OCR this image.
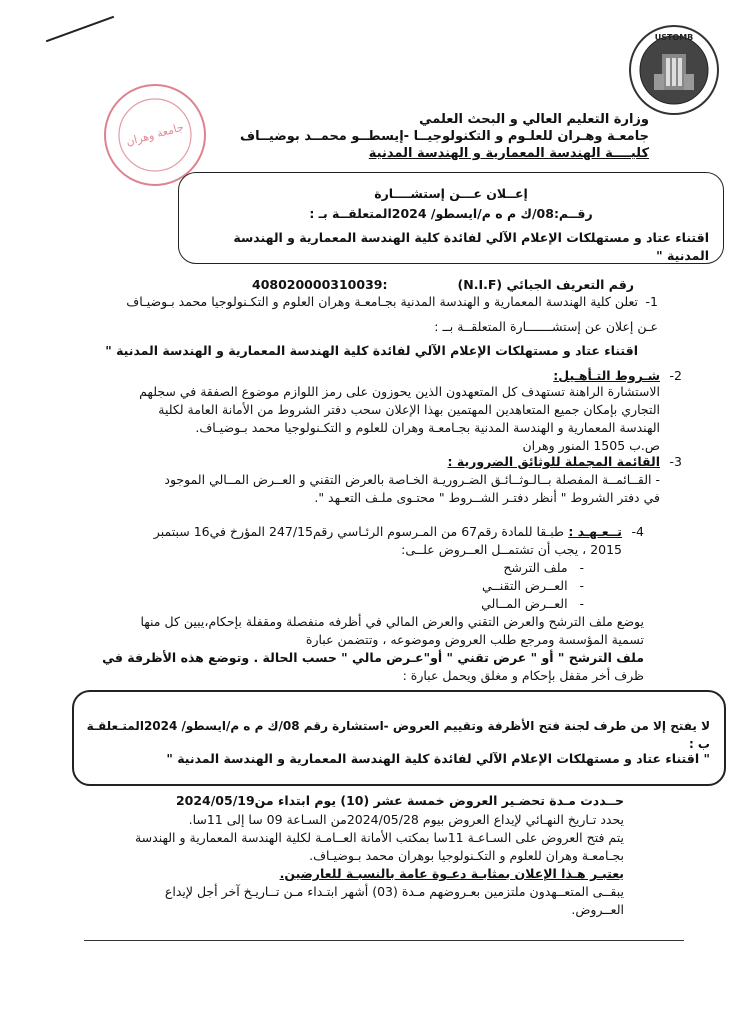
USTOMB
جامعة وهران
وزارة التعليم العالي و البحث العلمي
جامعـة وهـران للعلـوم و التكنولوجيــا -إيسطــو محمــد بوضيــاف
كليــــة الهندسة المعمارية و الهندسة المدنية
إعــلان عـــن إستشــــارة
رقــم:08/ك م ه م/ايسطو/ 2024المتعلقــة بـ :
اقتناء عتاد و مستهلكات الإعلام الآلي لفائدة كلية الهندسة المعمارية و الهندسة المدنية "
رقم التعريف الجبائي (N.I.F)
408020000310039:
1-
تعلن كلية الهندسة المعمارية و الهندسة المدنية بجـامعـة وهران العلوم و التكـنولوجيا محمد بـوضيـاف
عـن إعلان عن إستشـــــــارة المتعلقــة بــ :
اقتناء عتاد و مستهلكات الإعلام الآلي لفائدة كلية الهندسة المعمارية و الهندسة المدنية "
2-
شـروط التـأهـيل:
الاستشارة الراهنة تستهدف كل المتعهدون الذين يحوزون على رمز اللوازم موضوع الصفقة في سجلهم
التجاري بإمكان جميع المتعاهدين المهتمين بهذا الإعلان سحب دفتر الشروط من الأمانة العامة لكلية
الهندسة المعمارية و الهندسة المدنية بجـامعـة وهران للعلوم و التكـنولوجيا محمد بـوضيـاف.
ص.ب 1505 المنور وهران
3-
القائمة المجملة للوثائق الضرورية :
- القــائمــة المفصلة بــالـوثــائـق الضـروريـة الخـاصة بالعرض التقني و العــرض المــالي الموجود
في دفتر الشروط " أنظر دفتـر الشــروط " محتـوى ملـف التعـهد ".
4-
تــعـهـد :
طبـقا للمادة رقم67 من المـرسوم الرئـاسي رقم247/15 المؤرخ في16 سبتمبر
2015 ، يجب أن تشتمــل العــروض علــى:
-   ملف الترشح
-   العــرض التقنــي
-   العــرض المــالي
يوضع ملف الترشح والعرض التقني والعرض المالي في أظرفه منفصلة ومقفلة بإحكام،يبين كل منها
تسمية المؤسسة ومرجع طلب العروض وموضوعه ، وتتضمن عبارة
ملف الترشح " أو " عرض تقني " أو"عـرض مالي " حسب الحالة . وتوضع هذه الأظرفة في
ظرف أخر مقفل بإحكام و مغلق ويحمل عبارة :
لا يفتح إلا من طرف لجنة فتح الأظرفة وتقييم العروض -استشارة رقم 08/ك م ه م/ايسطو/ 2024المتـعلقـة ب :
" اقتناء عتاد و مستهلكات الإعلام الآلي لفائدة كلية الهندسة المعمارية و الهندسة المدنية "
حــددت مـدة تحضـير العروض خمسة عشر (10) يوم ابتداء من2024/05/19
يحدد تـاريخ النهـائي لإيداع العروض بيوم 2024/05/28من السـاعة 09 سا إلى 11سا.
يتم فتح العروض على السـاعـة 11سا بمكتب الأمانة العــامـة لكلية الهندسة المعمارية و الهندسة
بجـامعـة وهران للعلوم و التكـنولوجيا بوهران محمد بـوضيـاف.
يعتبـر هـذا الإعلان بمثابـة دعـوة عامة بالنسبـة للعارضين.
يبقــى المتعــهدون ملتزمين بعـروضهم مـدة (03) أشهر ابتـداء مـن تــاريـخ آخر أجل لإيداع
العــروض.
